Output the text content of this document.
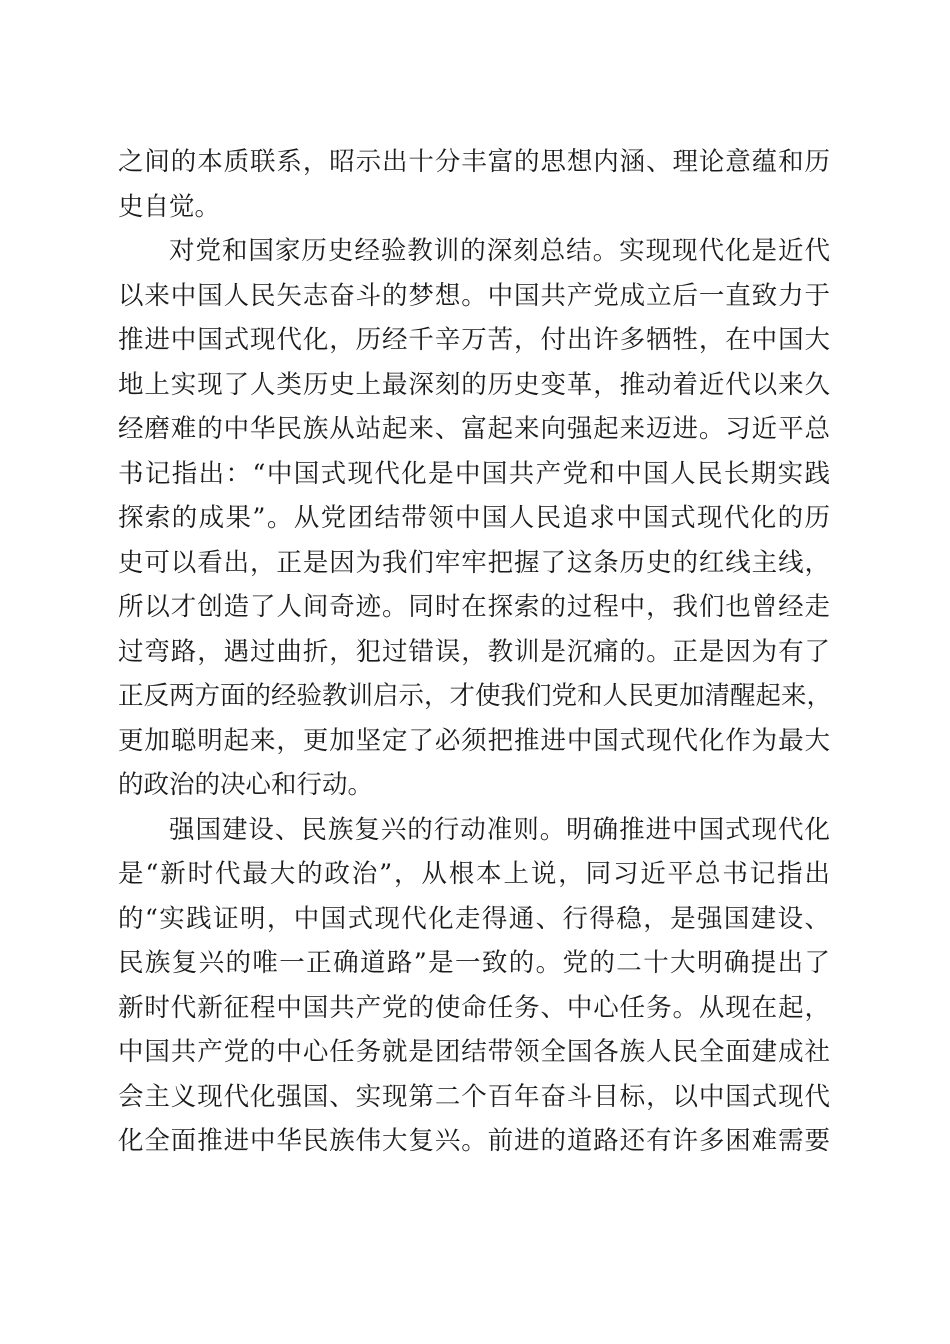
之间的本质联系，昭示出十分丰富的思想内涵、理论意蕴和历
史自觉。
对党和国家历史经验教训的深刻总结。实现现代化是近代
以来中国人民矢志奋斗的梦想。中国共产党成立后一直致力于
推进中国式现代化，历经千辛万苦，付出许多牺牲，在中国大
地上实现了人类历史上最深刻的历史变革，推动着近代以来久
经磨难的中华民族从站起来、富起来向强起来迈进。习近平总
书记指出：“中国式现代化是中国共产党和中国人民长期实践
探索的成果”。从党团结带领中国人民追求中国式现代化的历
史可以看出，正是因为我们牢牢把握了这条历史的红线主线，
所以才创造了人间奇迹。同时在探索的过程中，我们也曾经走
过弯路，遇过曲折，犯过错误，教训是沉痛的。正是因为有了
正反两方面的经验教训启示，才使我们党和人民更加清醒起来，
更加聪明起来，更加坚定了必须把推进中国式现代化作为最大
的政治的决心和行动。
强国建设、民族复兴的行动准则。明确推进中国式现代化
是“新时代最大的政治”，从根本上说，同习近平总书记指出
的“实践证明，中国式现代化走得通、行得稳，是强国建设、
民族复兴的唯一正确道路”是一致的。党的二十大明确提出了
新时代新征程中国共产党的使命任务、中心任务。从现在起，
中国共产党的中心任务就是团结带领全国各族人民全面建成社
会主义现代化强国、实现第二个百年奋斗目标，以中国式现代
化全面推进中华民族伟大复兴。前进的道路还有许多困难需要
